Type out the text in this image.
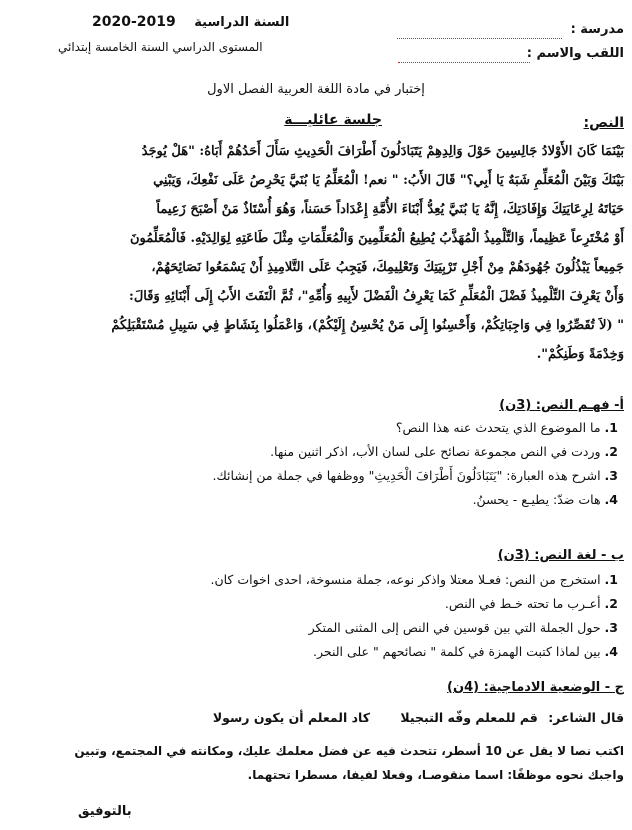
مدرسة :
اللقب والاسم :
السنة الدراسية 2020-2019
المستوى الدراسي السنة الخامسة إبتدائي
إختبار في مادة اللغة العربية الفصل الاول
النص:
جلسة عائليـــة
بَيْنَمَا كَانَ الأَوْلادُ جَالِسِينَ حَوْلَ وَالِدِهِمْ يَتَبَادَلُونَ أَطْرَافَ الْحَدِيثِ سَأَلَ أَحَدُهُمْ أَبَاهُ: "هَلْ يُوجَدُ
بَيْنَكَ وَبَيْنَ الْمُعَلِّمِ شَبَهٌ يَا أَبِي؟" قَالَ الأَبُ: " نعم! الْمُعَلِّمُ يَا بُنَيَّ يَحْرِصُ عَلَى نَفْعِكَ، وَيَبْنِي
حَيَاتَهُ لِرِعَايَتِكَ وَإِفَادَتِكَ، إِنَّهُ يَا بُنَيَّ يُعِدُّ أَبْنَاءَ الأُمَّةِ إِعْدَاداً حَسَناً، وَهُوَ أُسْتَاذٌ مَنْ أَصْبَحَ زَعِيماً
أَوْ مُخْتَرِعاً عَظِيماً، وَالتِّلْمِيذُ الْمُهَذَّبُ يُطِيعُ الْمُعَلِّمِينَ وَالْمُعَلِّمَاتِ مِثْلَ طَاعَتِهِ لِوَالِدَيْهِ. فَالْمُعَلِّمُونَ
جَمِيعاً يَبْذُلُونَ جُهُودَهُمْ مِنْ أَجْلِ تَرْبِيَتِكَ وَتَعْلِيمِكَ، فَيَجِبُ عَلَى التَّلامِيذِ أَنْ يَسْمَعُوا نَصَائِحَهُمْ،
وَأَنْ يَعْرِفَ التِّلْمِيذُ فَضْلَ الْمُعَلِّمِ كَمَا يَعْرِفُ الْفَضْلَ لأَبِيهِ وَأُمِّهِ"، ثُمَّ الْتَفَتَ الأَبُ إِلَى أَبْنَائِهِ وَقَالَ:
" (لاَ تُقَصِّرُوا فِي وَاجِبَاتِكُمْ، وَأَحْسِنُوا إِلَى مَنْ يُحْسِنُ إِلَيْكُمْ)، وَاعْمَلُوا بِنَشَاطٍ فِي سَبِيلِ مُسْتَقْبَلِكُمْ
وَخِدْمَةً وَطَنِكُمْ".
أ- فهـم النص: (3ن)
1.ما الموضوع الذي يتحدث عنه هذا النص؟
2.وردت في النص مجموعة نصائح على لسان الأب، اذكر اثنين منها.
3.اشرح هذه العبارة: "يَتَبَادَلُونَ أَطْرَافَ الْحَدِيثِ" ووظفها في جملة من إنشائك.
4.هات ضدّ: يطيـع - يحسنُ.
ب - لغة النص: (3ن)
1.استخرج من النص: فعـلا معتلا واذكر نوعه، جملة منسوخة، احدى اخوات كان.
2.أعـرب ما تحته خـط في النص.
3.حول الجملة التي بين قوسين في النص إلى المثنى المتكر
4.بين لماذا كتبت الهمزة في كلمة " نصائحهم " على النحر.
ج - الوضعية الادماجية: (4ن)
قال الشاعر: قم للمعلم وفّه التبجيلا كاد المعلم أن يكون رسولا
اكتب نصا لا يقل عن 10 أسطر، تتحدث فيه عن فضل معلمك عليك، ومكانته في المجتمع، وتبين
واجبك نحوه موظفًا: اسما منقوصـا، وفعلا لفيفا، مسطرا تحتهما.
بالتوفيق
